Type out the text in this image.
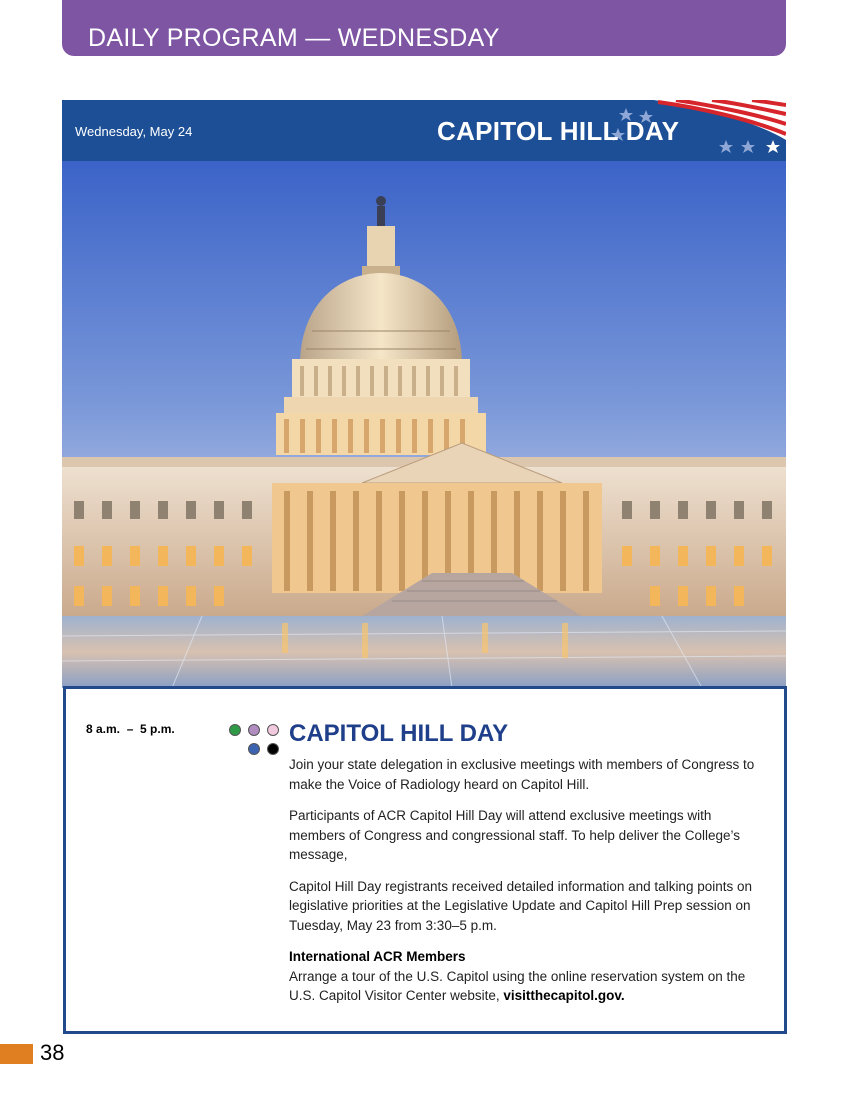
DAILY PROGRAM — WEDNESDAY
Wednesday, May 24	CAPITOL HILL DAY
8 a.m.  –  5 p.m.	CAPITOL HILL DAY

Join your state delegation in exclusive meetings with members of Congress to make the Voice of Radiology heard on Capitol Hill.

Participants of ACR Capitol Hill Day will attend exclusive meetings with members of Congress and congressional staff. To help deliver the College’s message,

Capitol Hill Day registrants received detailed information and talking points on legislative priorities at the Legislative Update and Capitol Hill Prep session on Tuesday, May 23 from 3:30–5 p.m.

International ACR Members
Arrange a tour of the U.S. Capitol using the online reservation system on the U.S. Capitol Visitor Center website, visitthecapitol.gov.

38
